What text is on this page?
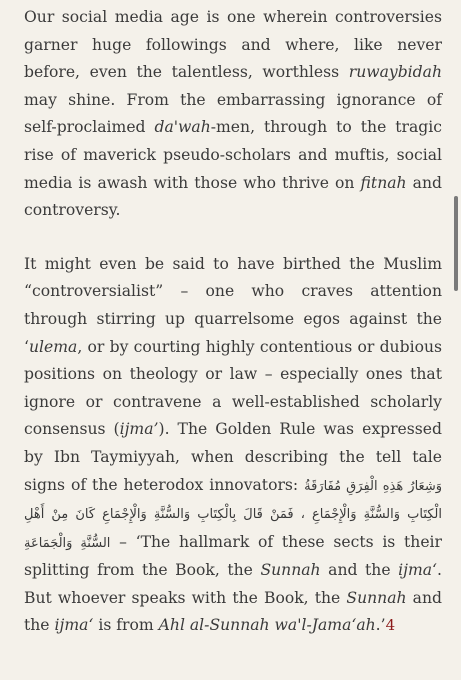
Our social media age is one wherein controversies garner huge followings and where, like never before, even the talentless, worthless ruwaybidah may shine. From the embarrassing ignorance of self-proclaimed da'wah-men, through to the tragic rise of maverick pseudo-scholars and muftis, social media is awash with those who thrive on fitnah and controversy.

It might even be said to have birthed the Muslim “controversialist” – one who craves attention through stirring up quarrelsome egos against the ‘ulema, or by courting highly contentious or dubious positions on theology or law – especially ones that ignore or contravene a well-established scholarly consensus (ijma’). The Golden Rule was expressed by Ibn Taymiyyah, when describing the tell tale signs of the heterodox innovators: وَشِعَارُ هَذِهِ الْفِرَقِ مُفَارَقَةُ الْكِتَابِ وَالسُّنَّةِ وَالْإِجْمَاعِ ، فَمَنْ قَالَ بِالْكِتَابِ وَالسُّنَّةِ وَالْإِجْمَاعِ كَانَ مِنْ أَهْلِ السُّنَّةِ وَالْجَمَاعَةِ – ‘The hallmark of these sects is their splitting from the Book, the Sunnah and the ijma‘. But whoever speaks with the Book, the Sunnah and the ijma‘ is from Ahl al-Sunnah wa'l-Jama‘ah.’4
